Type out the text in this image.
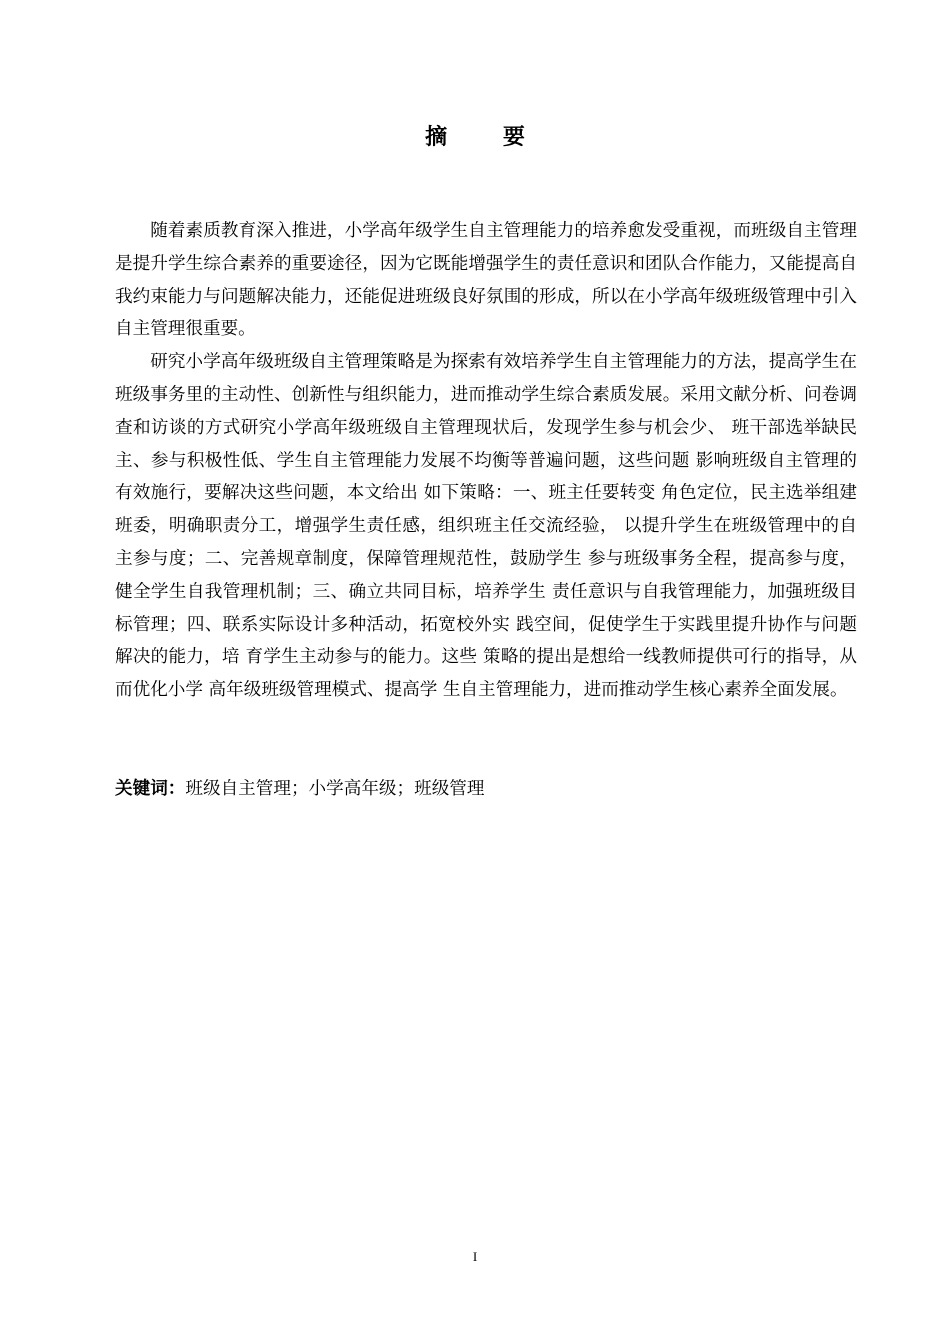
摘 要

随着素质教育深入推进，小学高年级学生自主管理能力的培养愈发受重视，而班级自主管理是提升学生综合素养的重要途径，因为它既能增强学生的责任意识和团队合作能力，又能提高自我约束能力与问题解决能力，还能促进班级良好氛围的形成，所以在小学高年级班级管理中引入自主管理很重要。

研究小学高年级班级自主管理策略是为探索有效培养学生自主管理能力的方法，提高学生在班级事务里的主动性、创新性与组织能力，进而推动学生综合素质发展。采用文献分析、问卷调查和访谈的方式研究小学高年级班级自主管理现状后，发现学生参与机会少、 班干部选举缺民主、参与积极性低、学生自主管理能力发展不均衡等普遍问题，这些问题 影响班级自主管理的有效施行，要解决这些问题，本文给出 如下策略：一、班主任要转变 角色定位，民主选举组建班委，明确职责分工，增强学生责任感，组织班主任交流经验， 以提升学生在班级管理中的自主参与度；二、完善规章制度，保障管理规范性，鼓励学生 参与班级事务全程，提高参与度，健全学生自我管理机制；三、确立共同目标，培养学生 责任意识与自我管理能力，加强班级目标管理；四、联系实际设计多种活动，拓宽校外实 践空间，促使学生于实践里提升协作与问题解决的能力，培 育学生主动参与的能力。这些 策略的提出是想给一线教师提供可行的指导，从而优化小学 高年级班级管理模式、提高学 生自主管理能力，进而推动学生核心素养全面发展。

关键词：班级自主管理；小学高年级；班级管理
I
